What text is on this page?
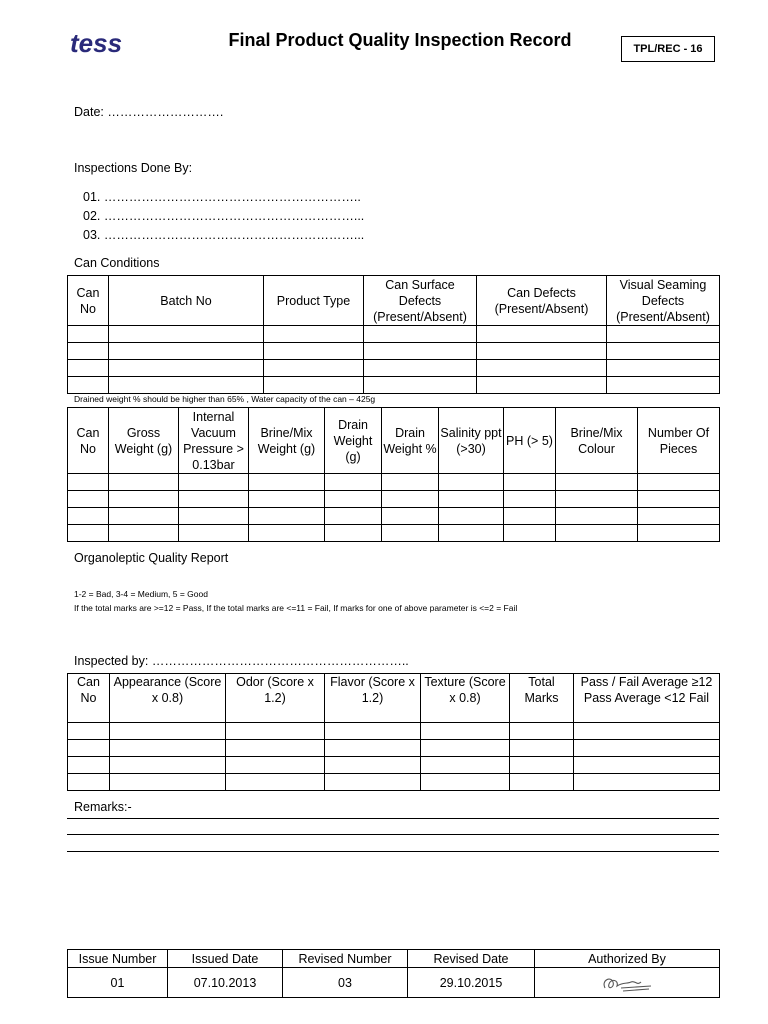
tess	Final Product Quality Inspection Record	TPL/REC - 16
Date: ……………………….
Inspections Done By:
01. ……………………………………………………..
02. ……………………………………………………...
03. ……………………………………………………...
Can Conditions
Can No	Batch No	Product Type	Can Surface Defects (Present/Absent)	Can Defects (Present/Absent)	Visual Seaming Defects (Present/Absent)

Drained weight % should be higher than 65% , Water capacity of the can – 425g
Can No	Gross Weight (g)	Internal Vacuum Pressure > 0.13bar	Brine/Mix Weight (g)	Drain Weight (g)	Drain Weight %	Salinity ppt (>30)	PH (> 5)	Brine/Mix Colour	Number Of Pieces

Organoleptic Quality Report
1-2 = Bad, 3-4 = Medium, 5 = Good
If the total marks are >=12 = Pass, If the total marks are <=11 = Fail, If marks for one of above parameter is <=2 = Fail
Inspected by: ……………………………………………………..
Can No	Appearance (Score x 0.8)	Odor (Score x 1.2)	Flavor (Score x 1.2)	Texture (Score x 0.8)	Total Marks	Pass / Fail Average ≥12 Pass Average <12 Fail

Remarks:-
Issue Number	Issued Date	Revised Number	Revised Date	Authorized By
01	07.10.2013	03	29.10.2015	
